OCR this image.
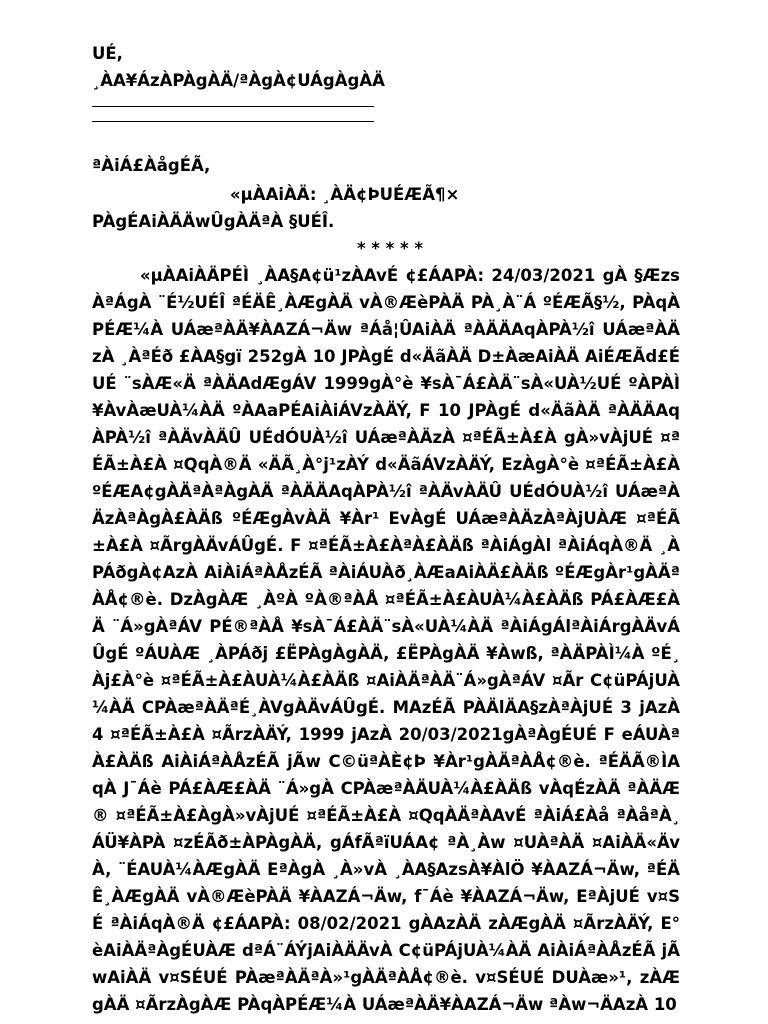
UÉ,
¸ÀA¥ÁzÀPÀgÀÄ/ªÀgÀ¢UÁgÀgÀÄ
ªÀiÁ£ÀågÉÃ,
«µÀAiÀÄ: ¸ÀÄ¢ÞUÉÆÃ¶×
PÀgÉAiÀÄÄwÛgÀÄªÀ §UÉÎ.
* * * * *

«µÀAiÀÄPÉÌ ¸ÀA§A¢ü¹zÀAvÉ ¢£ÁAPÀ: 24/03/2021 gÀ §ÆzsÀªÁgÀ ¨É½UÉÎ ªÉÄÊ¸ÀÆgÀÄ vÀ®ÆèPÀÄ PÀ¸À¨Á ºÉÆÃ§½, PÀqÀPÉÆ¼À UÁæªÀÄ¥ÀAZÁ¬Äw ªÁå¦ÛAiÀÄ ªÀÄÄAqÀPÀ½î UÁæªÀÄzÀ ¸ÀªÉð £ÀA§gï 252gÀ 10 JPÀgÉ d«ÄãÀÄ D±ÀæAiÀÄ AiÉÆÃd£ÉUÉ ¨sÀÆ«Ä ªÀÄAdÆgÁV 1999gÀ°è ¥sÀ¯Á£ÀÄ¨sÀ«UÀ½UÉ ºÀPÀÌ¥ÀvÀæUÀ¼ÀÄ ºÀAaPÉAiÀiÁVzÀÄÝ, F 10 JPÀgÉ d«ÄãÀÄ ªÀÄÄAqÀPÀ½î ªÀÄvÀÄÛ UÉdÓUÀ½î UÁæªÀÄzÀ ¤ªÉÃ±À£À gÀ»vÀjUÉ ¤ªÉÃ±À£À ¤QqÀ®Ä «ÄÃ¸À°j¹zÀÝ d«ÄãÁVzÀÄÝ, EzÀgÀ°è ¤ªÉÃ±À£À ºÉÆA¢gÀÄªÀªÀgÀÄ ªÀÄÄAqÀPÀ½î ªÀÄvÀÄÛ UÉdÓUÀ½î UÁæªÀÄzÀªÀgÀ£ÀÄß ºÉÆgÀvÀÄ ¥Àr¹ EvÀgÉ UÁæªÀÄzÀªÀjUÀÆ ¤ªÉÃ±À£À ¤ÃrgÀÄvÁÛgÉ. F ¤ªÉÃ±À£ÀªÀ£ÀÄß ªÀiÁgÀl ªÀiÁqÀ®Ä ¸ÀPÁðgÀ¢AzÀ AiÀiÁªÀÅzÉÃ ªÀiÁUÀð¸ÀÆaAiÀÄ£ÀÄß ºÉÆgÀr¹gÀÄªÀÅ¢®è. DzÀgÀÆ ¸ÀºÀ ºÀ®ªÀÅ ¤ªÉÃ±À£ÀUÀ¼À£ÀÄß PÁ£ÀÆ£ÀÄ ¨Á»gÀªÁV PÉ®ªÀÅ ¥sÀ¯Á£ÀÄ¨sÀ«UÀ¼ÀÄ ªÀiÁgÁlªÀiÁrgÀÄvÁÛgÉ ºÁUÀÆ ¸ÀPÁðj £ËPÀgÀgÀÄ, £ËPÀgÀÄ ¥Àwß, ªÀÄPÀÌ¼À ºÉ¸Àj£À°è ¤ªÉÃ±À£ÀUÀ¼À£ÀÄß ¤AiÀÄªÀÄ¨Á»gÀªÁV ¤Ãr C¢üPÁjUÀ¼ÀÄ CPÀæªÀÄªÉ¸ÀVgÀÄvÁÛgÉ. MAzÉÃ PÀÄlÄA§zÀªÀjUÉ 3 jAzÀ 4 ¤ªÉÃ±À£À ¤ÃrzÀÄÝ, 1999 jAzÀ 20/03/2021gÀªÀgÉUÉ F eÁUÀªÀ£ÀÄß AiÀiÁªÀÅzÉÃ jÃw C©üªÀÈ¢Þ ¥Àr¹gÀÄªÀÅ¢®è. ªÉÄÃ®ÌAqÀ J¯Áè PÁ£ÀÆ£ÀÄ ¨Á»gÀ CPÀæªÀÄUÀ¼À£ÀÄß vÀqÉzÀÄ ªÀÄÆ® ¤ªÉÃ±À£ÀgÀ»vÀjUÉ ¤ªÉÃ±À£À ¤QqÀÄªÀAvÉ ªÀiÁ£Àå ªÀåªÀ¸ÁÜ¥ÀPÀ ¤zÉÃð±ÀPÀgÀÄ, gÁfÃªïUÁA¢ ªÀ¸Àw ¤UÀªÀÄ ¤AiÀÄ«ÄvÀ, ¨ÉAUÀ¼ÀÆgÀÄ EªÀgÀ ¸À»vÀ ¸ÀA§AzsÀ¥ÀlÖ ¥ÀAZÁ¬Äw, ªÉÄÊ¸ÀÆgÀÄ vÀ®ÆèPÀÄ ¥ÀAZÁ¬Äw, f¯Áè ¥ÀAZÁ¬Äw, EªÀjUÉ v¤SÉ ªÀiÁqÀ®Ä ¢£ÁAPÀ: 08/02/2021 gÀAzÀÄ zÀÆgÀÄ ¤ÃrzÀÄÝ, E°èAiÀÄªÀgÉUÀÆ dªÁ¨ÁÝjAiÀÄÄvÀ C¢üPÁjUÀ¼ÀÄ AiÀiÁªÀÅzÉÃ jÃwAiÀÄ v¤SÉUÉ PÀæªÀÄªÀ»¹gÀÄªÀÅ¢®è. v¤SÉUÉ DUÀæ»¹, zÀÆgÀÄ ¤ÃrzÀgÀÆ PÀqÀPÉÆ¼À UÁæªÀÄ¥ÀAZÁ¬Äw ªÀw¬ÄAzÀ 10
